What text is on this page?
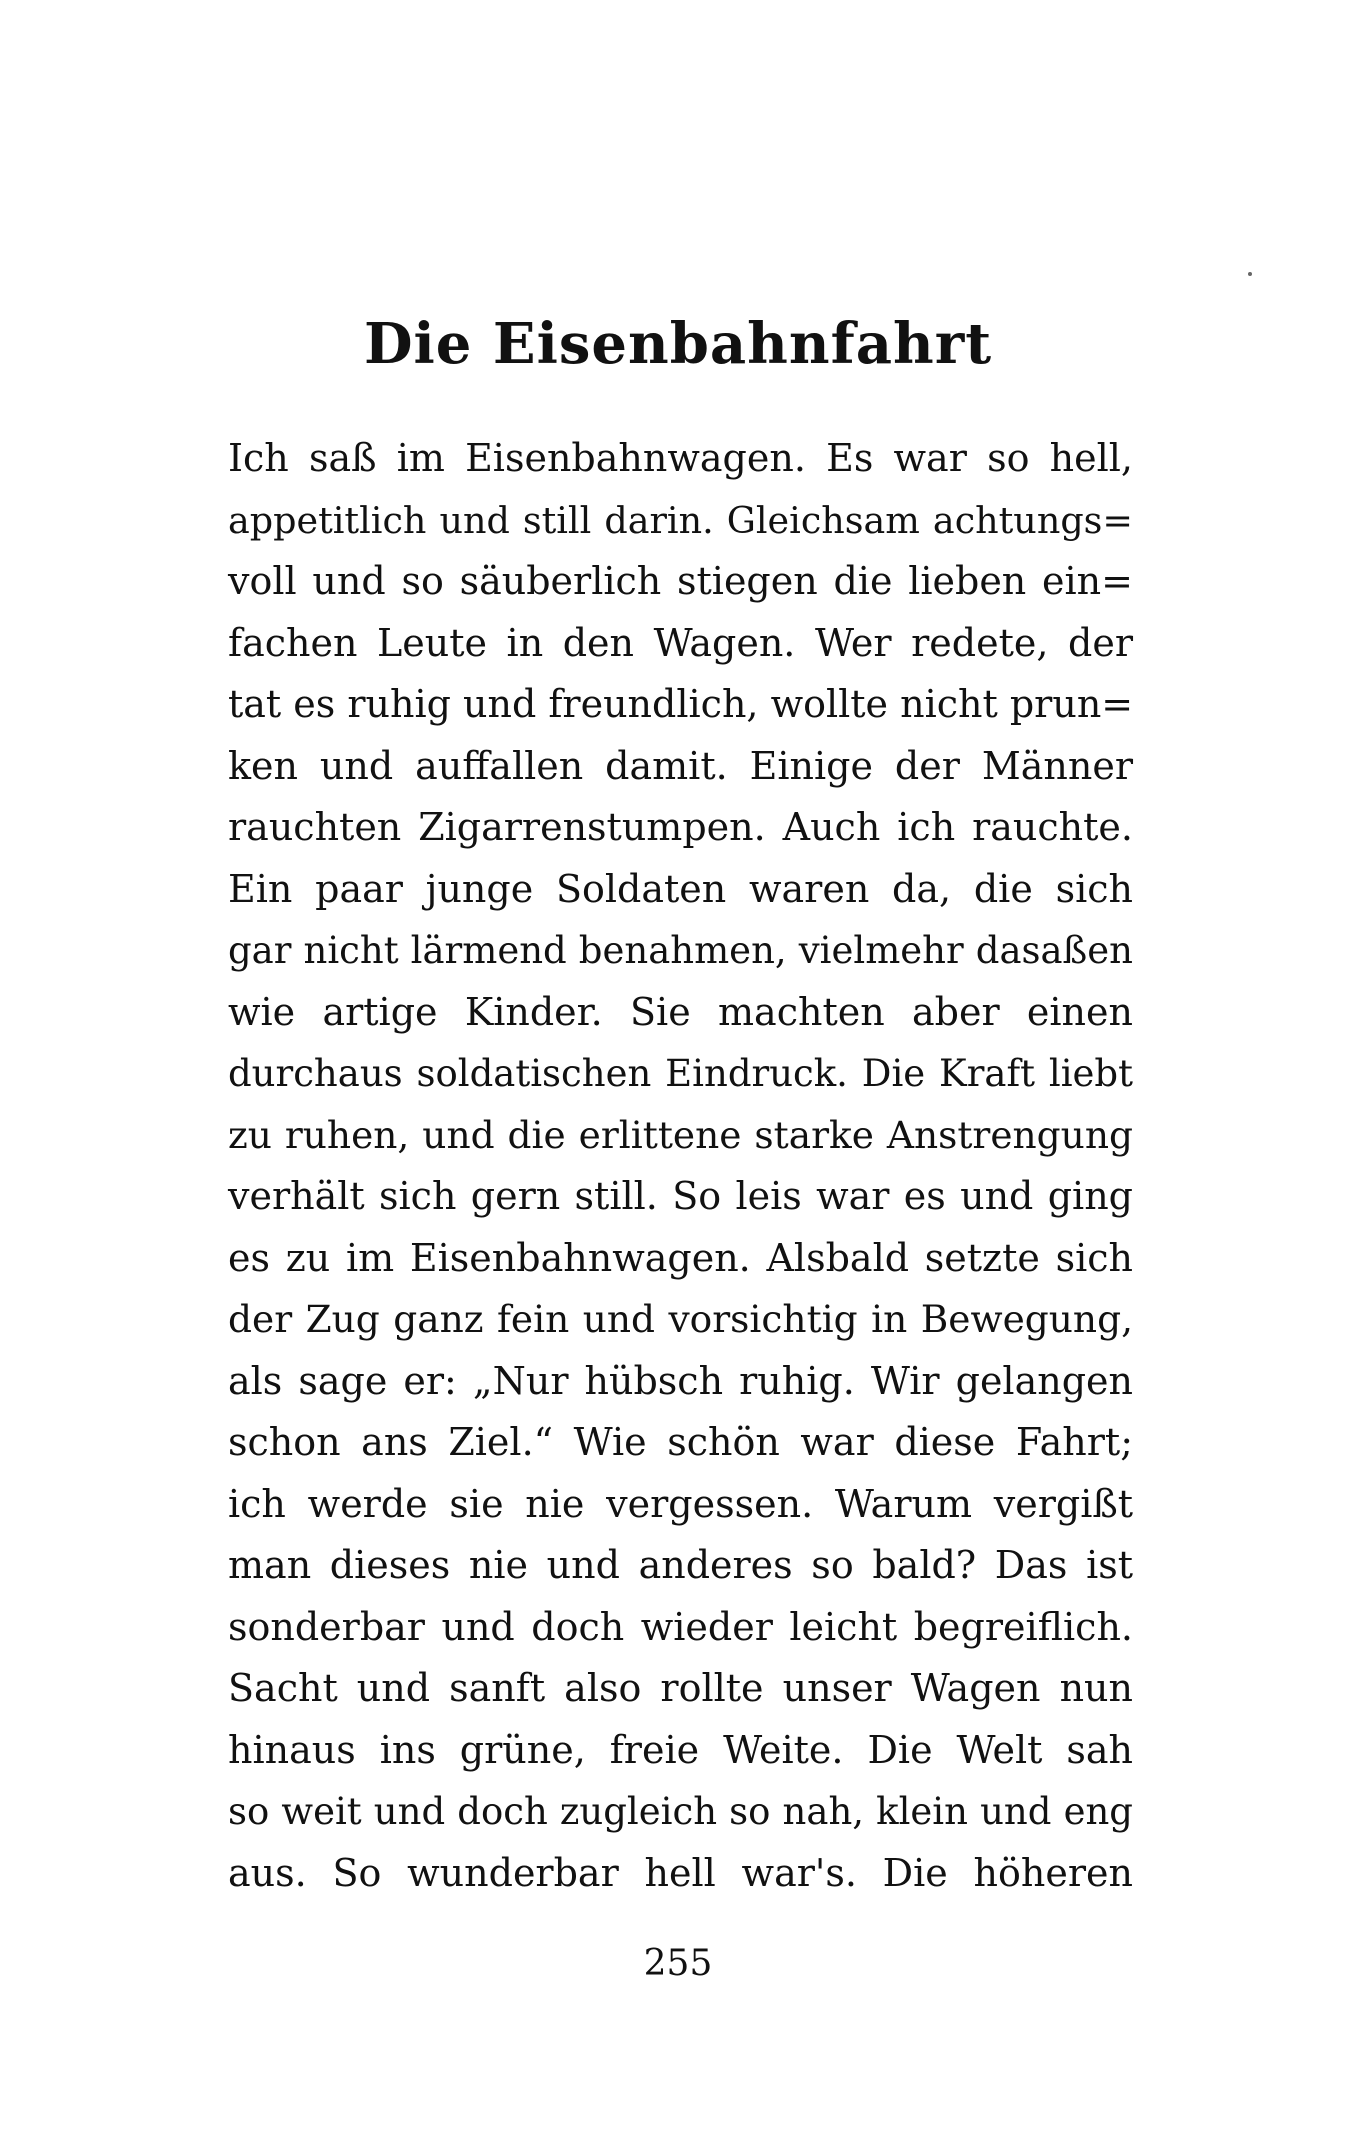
Die Eisenbahnfahrt
Ich saß im Eisenbahnwagen. Es war so hell,
appetitlich und still darin. Gleichsam achtungs=
voll und so säuberlich stiegen die lieben ein=
fachen Leute in den Wagen. Wer redete, der
tat es ruhig und freundlich, wollte nicht prun=
ken und auffallen damit. Einige der Männer
rauchten Zigarrenstumpen. Auch ich rauchte.
Ein paar junge Soldaten waren da, die sich
gar nicht lärmend benahmen, vielmehr dasaßen
wie artige Kinder. Sie machten aber einen
durchaus soldatischen Eindruck. Die Kraft liebt
zu ruhen, und die erlittene starke Anstrengung
verhält sich gern still. So leis war es und ging
es zu im Eisenbahnwagen. Alsbald setzte sich
der Zug ganz fein und vorsichtig in Bewegung,
als sage er: „Nur hübsch ruhig. Wir gelangen
schon ans Ziel.“ Wie schön war diese Fahrt;
ich werde sie nie vergessen. Warum vergißt
man dieses nie und anderes so bald? Das ist
sonderbar und doch wieder leicht begreiflich.
Sacht und sanft also rollte unser Wagen nun
hinaus ins grüne, freie Weite. Die Welt sah
so weit und doch zugleich so nah, klein und eng
aus. So wunderbar hell war's. Die höheren
255
